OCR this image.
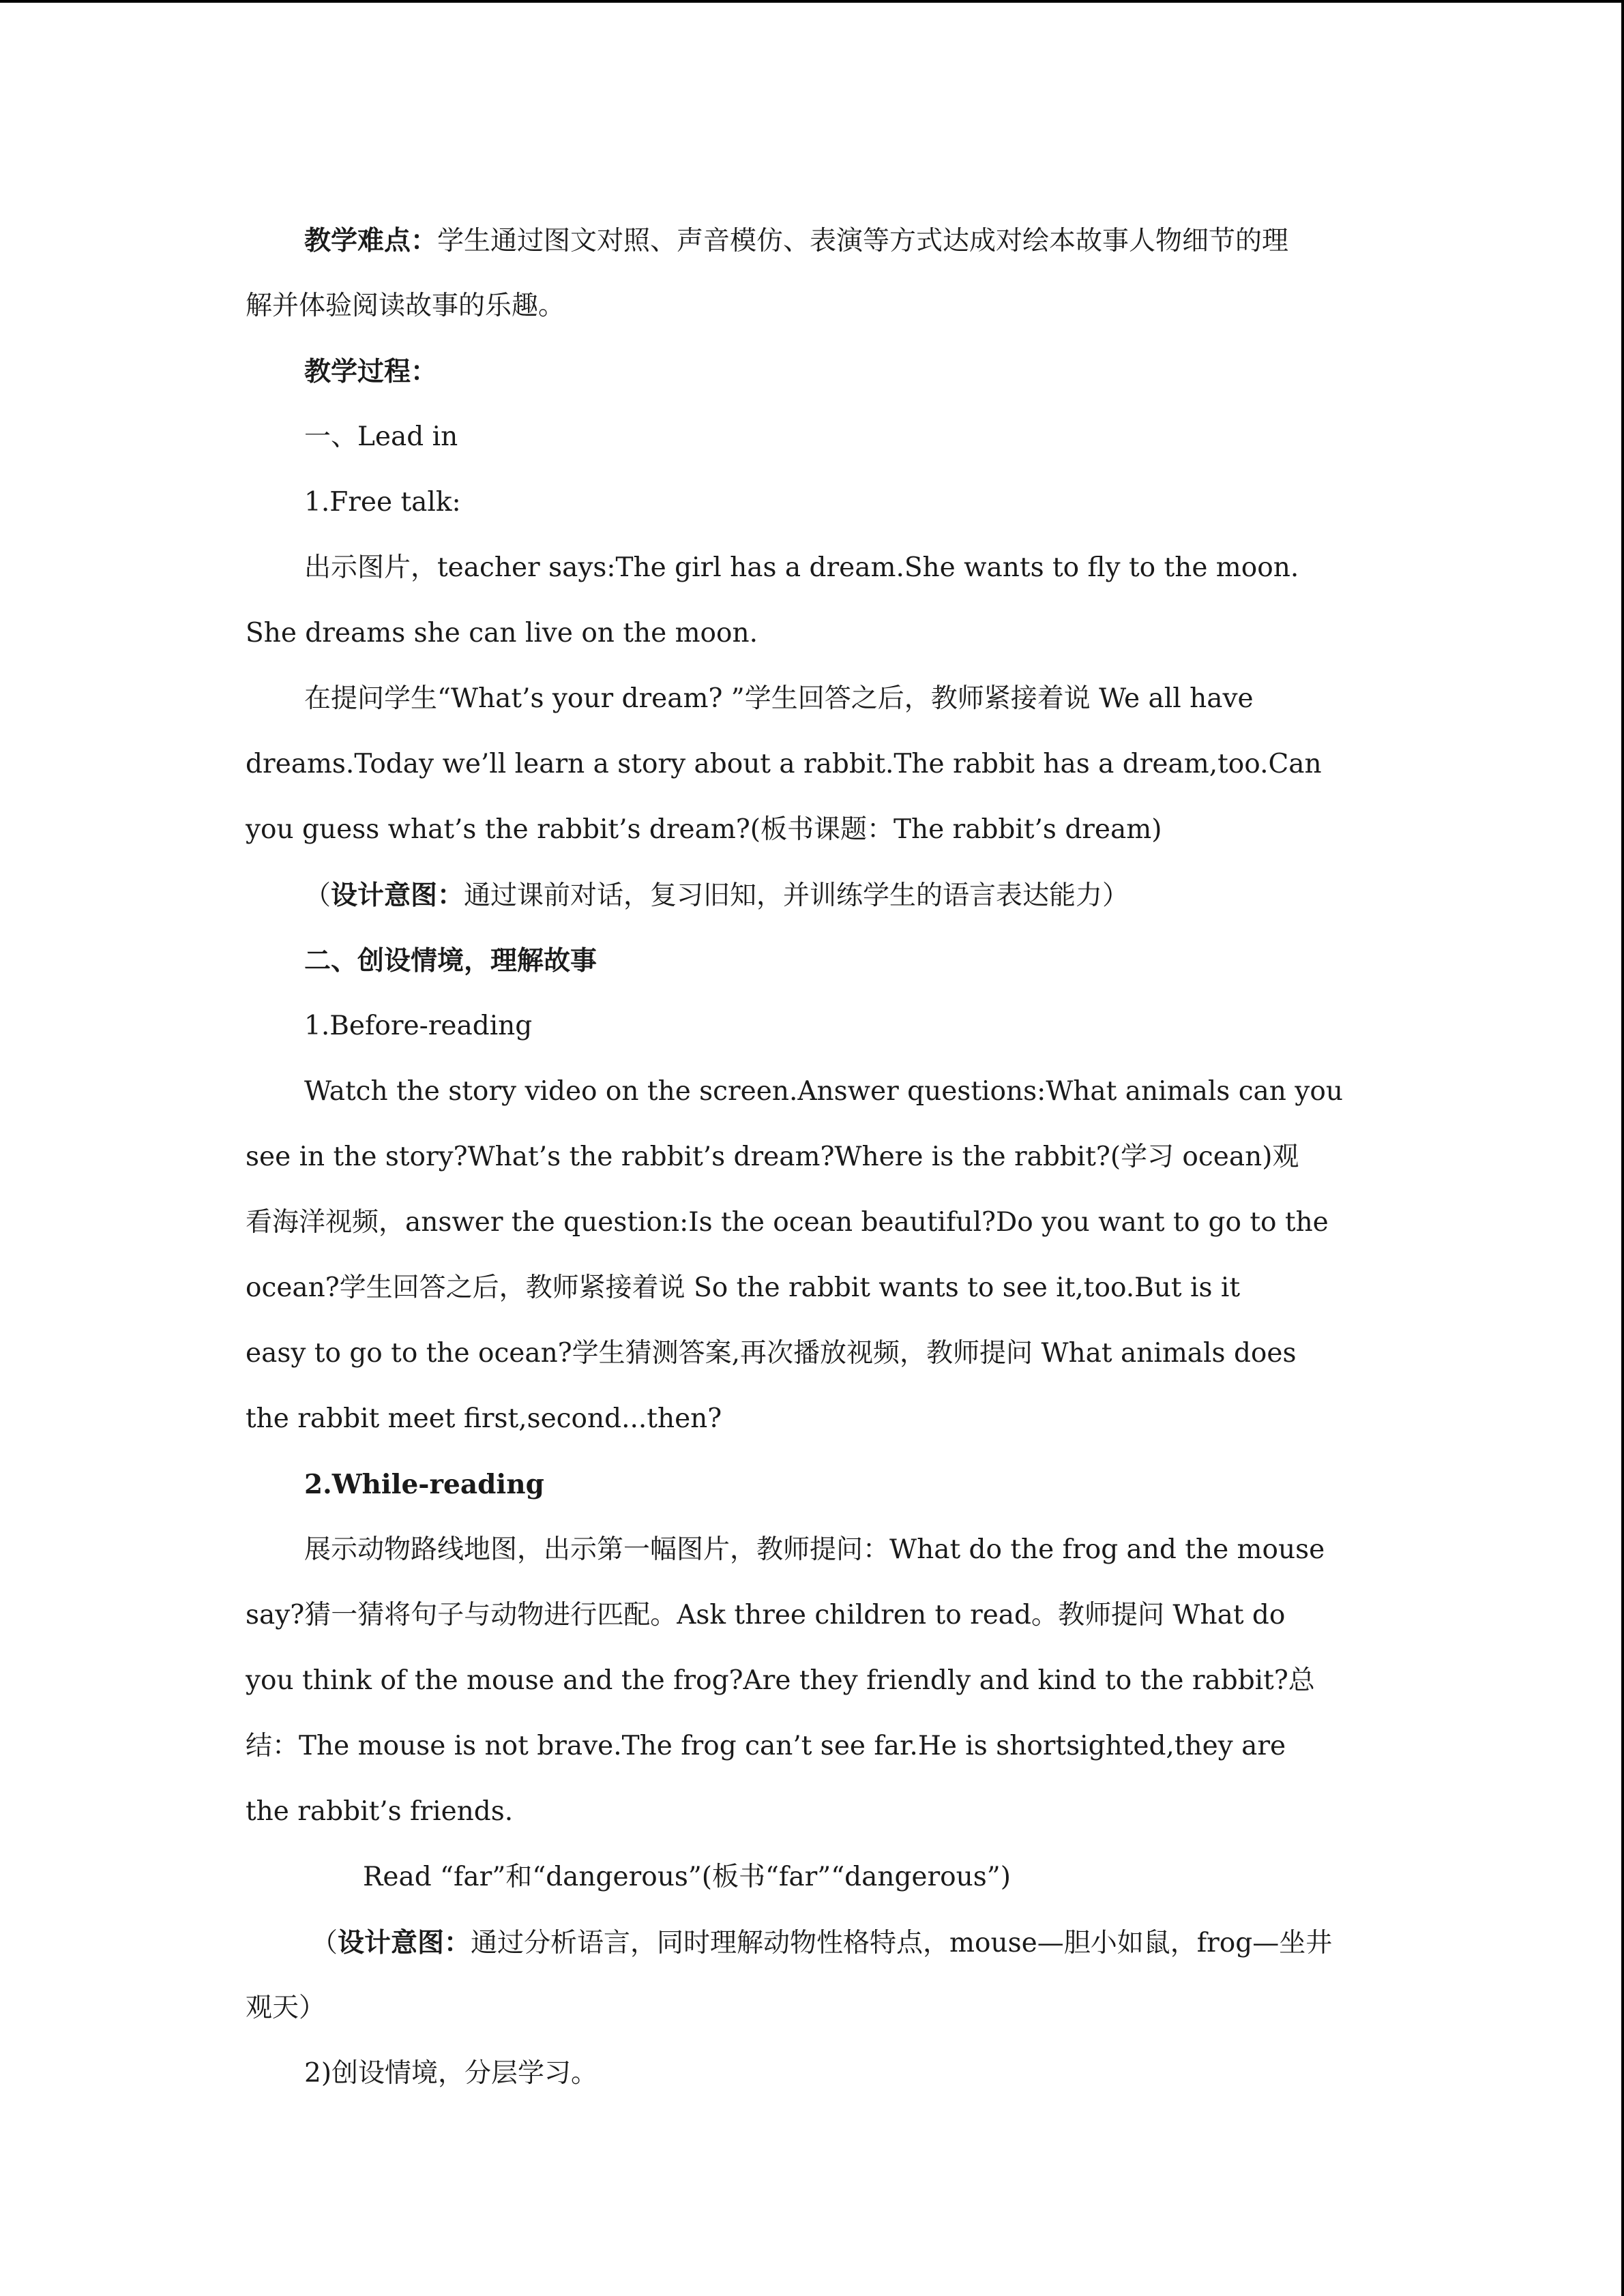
教学难点：学生通过图文对照、声音模仿、表演等方式达成对绘本故事人物细节的理
解并体验阅读故事的乐趣。
教学过程：
一、Lead in
1.Free talk:
出示图片，teacher says:The girl has a dream.She wants to fly to the moon.
She dreams she can live on the moon.
在提问学生“What’s your dream? ”学生回答之后，教师紧接着说 We all have
dreams.Today we’ll learn a story about a rabbit.The rabbit has a dream,too.Can
you guess what’s the rabbit’s dream?(板书课题：The rabbit’s dream)
（设计意图：通过课前对话，复习旧知，并训练学生的语言表达能力）
二、创设情境，理解故事
1.Before-reading
Watch the story video on the screen.Answer questions:What animals can you
see in the story?What’s the rabbit’s dream?Where is the rabbit?(学习 ocean)观
看海洋视频，answer the question:Is the ocean beautiful?Do you want to go to the
ocean?学生回答之后，教师紧接着说 So the rabbit wants to see it,too.But is it
easy to go to the ocean?学生猜测答案,再次播放视频，教师提问 What animals does
the rabbit meet first,second...then?
2.While-reading
展示动物路线地图，出示第一幅图片，教师提问：What do the frog and the mouse
say?猜一猜将句子与动物进行匹配。Ask three children to read。教师提问 What do
you think of the mouse and the frog?Are they friendly and kind to the rabbit?总
结：The mouse is not brave.The frog can’t see far.He is shortsighted,they are
the rabbit’s friends.
Read “far”和“dangerous”(板书“far”“dangerous”)
（设计意图：通过分析语言，同时理解动物性格特点，mouse—胆小如鼠，frog—坐井
观天）
2)创设情境，分层学习。
